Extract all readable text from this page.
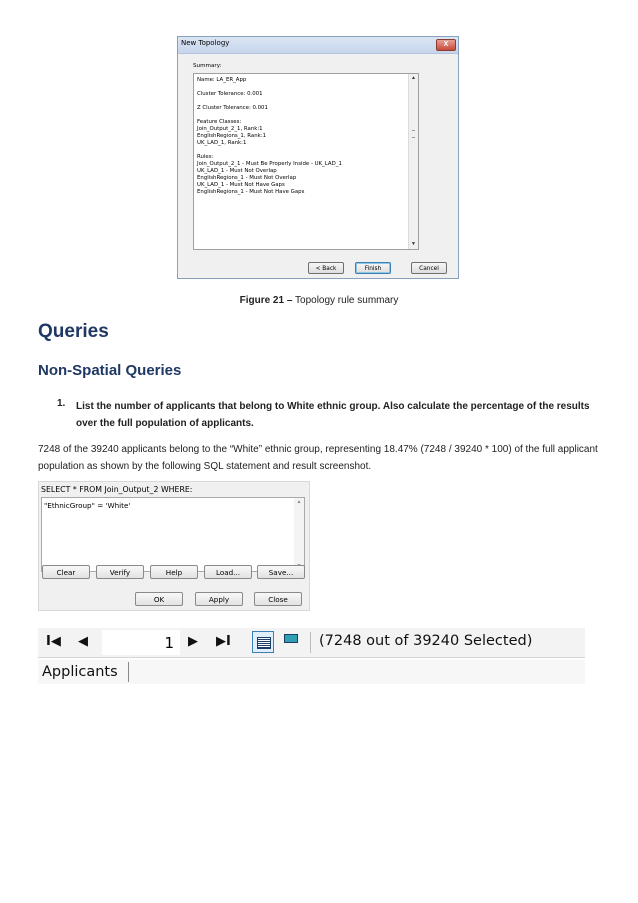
New Topology	X
Summary:
Name: LA_ER_App
Cluster Tolerance: 0.001
Z Cluster Tolerance: 0.001
Feature Classes:
Join_Output_2_1, Rank:1
EnglishRegions_1, Rank:1
UK_LAD_1, Rank:1
Rules:
Join_Output_2_1 - Must Be Properly Inside - UK_LAD_1
UK_LAD_1 - Must Not Overlap
EnglishRegions_1 - Must Not Overlap
UK_LAD_1 - Must Not Have Gaps
EnglishRegions_1 - Must Not Have Gaps
▲
▼
< Back	Finish	Cancel
Figure 21 – Topology rule summary
Queries
Non-Spatial Queries
1. List the number of applicants that belong to White ethnic group. Also calculate the percentage of the results over the full population of applicants.
7248 of the 39240 applicants belong to the “White” ethnic group, representing 18.47% (7248 / 39240 * 100) of the full applicant population as shown by the following SQL statement and result screenshot.
SELECT * FROM Join_Output_2 WHERE:
"EthnicGroup" = 'White'	▲
Clear	Verify	Help	Load...	Save...
OK	Apply	Close
I◀ ◀	1 ▶ ▶I	(7248 out of 39240 Selected)
Applicants
